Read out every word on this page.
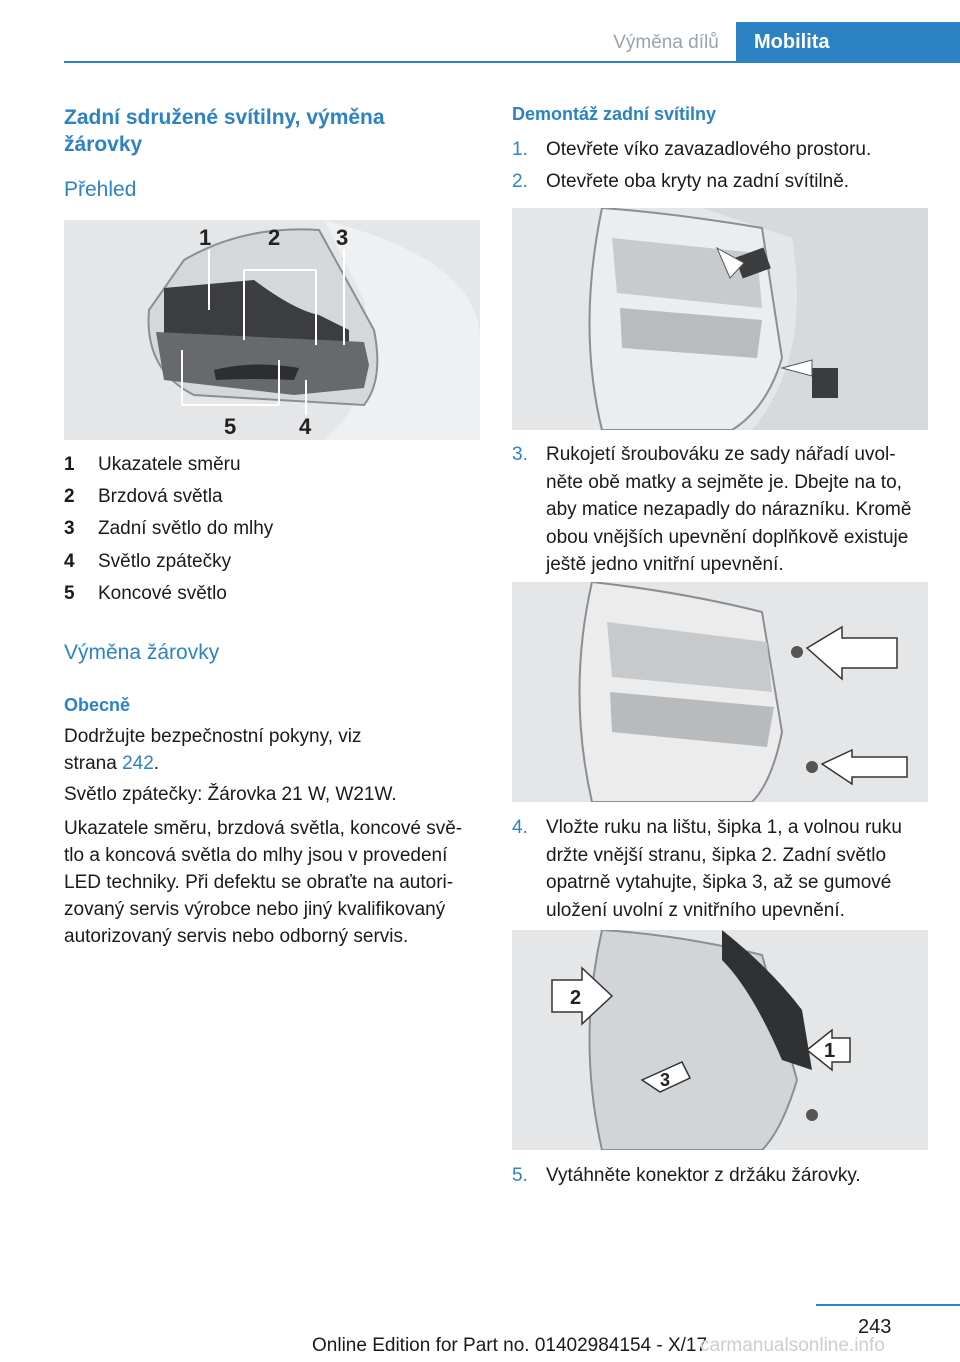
Výměna dílů	Mobilita
Zadní sdružené svítilny, výměna žárovky
Přehled
1	2	3
4
5
1	Ukazatele směru
2	Brzdová světla
3	Zadní světlo do mlhy
4	Světlo zpátečky
5	Koncové světlo
Výměna žárovky
Obecně

Dodržujte bezpečnostní pokyny, viz strana 242.

Světlo zpátečky: Žárovka 21 W, W21W.

Ukazatele směru, brzdová světla, koncové svě‐ tlo a koncová světla do mlhy jsou v provedení LED techniky. Při defektu se obraťte na autori‐ zovaný servis výrobce nebo jiný kvalifikovaný autorizovaný servis nebo odborný servis.

Demontáž zadní svítilny
1. Otevřete víko zavazadlového prostoru.
2. Otevřete oba kryty na zadní svítilně.
3. Rukojetí šroubováku ze sady nářadí uvol‐ něte obě matky a sejměte je. Dbejte na to, aby matice nezapadly do nárazníku. Kromě obou vnějších upevnění doplňkově existuje ještě jedno vnitřní upevnění.
4. Vložte ruku na lištu, šipka 1, a volnou ruku držte vnější stranu, šipka 2. Zadní světlo opatrně vytahujte, šipka 3, až se gumové uložení uvolní z vnitřního upevnění.
2
1
3
5. Vytáhněte konektor z držáku žárovky.
243
Online Edition for Part no. 01402984154 - X/17
carmanualsonline.info
